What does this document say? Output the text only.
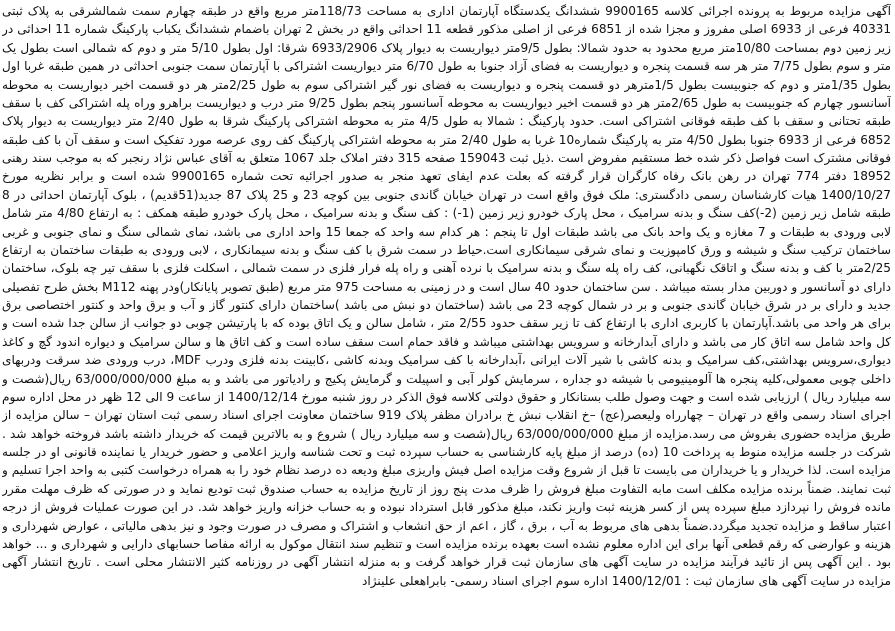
آگهی مزایده مربوط به پرونده اجرائی کلاسه 9900165 ششدانگ یکدستگاه آپارتمان اداری به مساحت 118/73متر مربع واقع در طبقه چهارم سمت شمالشرقی به پلاک ثبتی 40331 فرعی از 6933 اصلی مفروز و مجزا شده از 6851 فرعی از اصلی مذکور قطعه 11 احداثی واقع در بخش 2 تهران باضمام ششدانگ یکباب پارکینگ شماره 11 احداثی در زیر زمین دوم بمساحت 10/80متر مربع محدود به حدود شمالا: بطول 9/5متر دیواریست به دیوار پلاک 6933/2906 شرقا: اول بطول 5/10 متر و دوم که شمالی است بطول یک متر و سوم بطول 7/75 متر هر سه قسمت پنجره و دیواریست به فضای آزاد جنوبا به طول 6/70 متر دیواریست اشتراکی با آپارتمان سمت جنوبی احداثی در همین طبقه غربا اول بطول 1/35متر و دوم که جنوبیست بطول 1/5مترهر دو قسمت پنجره و دیواریست به فضای نور گیر اشتراکی سوم به طول 2/25متر هر دو قسمت اخیر دیواریست به محوطه آسانسور چهارم که جنوبیست به طول 2/65متر هر دو قسمت اخیر دیواریست به محوطه آسانسور پنجم بطول 9/25 متر درب و دیواریست براهرو وراه پله اشتراکی کف با سقف طبقه تحتانی و سقف با کف طبقه فوقانی اشتراکی است. حدود پارکینگ : شمالا به طول 4/5 متر به محوطه اشتراکی پارکینگ شرقا به طول 2/40 متر دیواریست به دیوار پلاک 6852 فرعی از 6933 جنوبا بطول 4/50 متر به پارکینگ شماره10 غربا به طول 2/40 متر به محوطه اشتراکی پارکینگ کف روی عرصه مورد تفکیک است و سقف آن با کف طبقه فوقانی مشترک است فواصل ذکر شده خط مستقیم مفروض است .ذیل ثبت 159043 صفحه 315 دفتر املاک جلد 1067 متعلق به آقای عباس نژاد رنجبر که به موجب سند رهنی 18952 دفتر 774 تهران در رهن بانک رفاه کارگران قرار گرفته که بعلت عدم ایفای تعهد منجر به صدور اجرائیه تحت شماره 9900165 شده است و برابر نظریه مورخ 1400/10/27 هیات کارشناسان رسمی دادگستری: ملک فوق واقع است در تهران خیابان گاندی جنوبی بین کوچه 23 و 25 پلاک 87 جدید(51قدیم) ، بلوک آپارتمان احداثی در 8 طبقه شامل زیر زمین (2-)کف سنگ و بدنه سرامیک ، محل پارک خودرو زیر زمین (1-) : کف سنگ و بدنه سرامیک ، محل پارک خودرو طبقه همکف : به ارتفاع 4/80 متر شامل لابی ورودی به طبقات و 7 مغازه و یک واحد بانک می باشد طبقات اول تا پنجم : هر کدام سه واحد که جمعا 15 واحد اداری می باشد، نمای شمالی سنگ و نمای جنوبی و غربی ساختمان ترکیب سنگ و شیشه و ورق کامپوزیت و نمای شرقی سیمانکاری است.حیاط در سمت شرق با کف سنگ و بدنه سیمانکاری ، لابی ورودی به طبقات ساختمان به ارتفاع 2/25متر با کف و بدنه سنگ و اتاقک نگهبانی، کف راه پله سنگ و بدنه سرامیک با نرده آهنی و راه پله فرار فلزی در سمت شمالی ، اسکلت فلزی با سقف تیر چه بلوک، ساختمان دارای دو آسانسور و دوربین مدار بسته میباشد . سن ساختمان حدود 40 سال است و در زمینی به مساحت 975 متر مربع (طبق تصویر پایانکار)ودر پهنه M112 بخش طرح تفصیلی جدید و دارای بر در شرق خیابان گاندی جنوبی و بر در شمال کوچه 23 می باشد (ساختمان دو نبش می باشد )ساختمان دارای کنتور گاز و آب و برق واحد و کنتور اختصاصی برق برای هر واحد می باشد.آپارتمان با کاربری اداری با ارتفاع کف تا زیر سقف حدود 2/55 متر ، شامل سالن و یک اتاق بوده که با پارتیشن چوبی دو جوانب از سالن جدا شده است و کل واحد شامل سه اتاق کار می باشد و دارای آبدارخانه و سرویس بهداشتی میباشد و فاقد حمام است سقف ساده است و کف اتاق ها و سالن سرامیک و دیواره اندود گچ و کاغذ دیواری،سرویس بهداشتی،کف سرامیک و بدنه کاشی با شیر آلات ایرانی ،آبدارخانه با کف سرامیک وبدنه کاشی ،کابینت بدنه فلزی ودرب MDF، درب ورودی ضد سرقت ودربهای داخلی چوبی معمولی،کلیه پنجره ها آلومینیومی با شیشه دو جداره ، سرمایش کولر آبی و اسپیلت و گرمایش پکیج و رادیاتور می باشد و به مبلغ 63/000/000/000 ریال(شصت و سه میلیارد ریال ) ارزیابی شده است و جهت وصول طلب بستانکار و حقوق دولتی کلاسه فوق الذکر در روز شنبه مورخ 1400/12/14 از ساعت 9 الی 12 ظهر در محل اداره سوم اجرای اسناد رسمی واقع در تهران – چهارراه ولیعصر(عج) –خ انقلاب نبش خ برادران مظفر پلاک 919 ساختمان معاونت اجرای اسناد رسمی ثبت استان تهران – سالن مزایده از طریق مزایده حضوری بفروش می رسد.مزایده از مبلغ 63/000/000/000 ریال(شصت و سه میلیارد ریال ) شروع و به بالاترین قیمت که خریدار داشته باشد فروخته خواهد شد . شرکت در جلسه مزایده منوط به پرداخت 10 (ده) درصد از مبلغ پایه کارشناسی به حساب سپرده ثبت و تحت شناسه واریز اعلامی و حضور خریدار یا نماینده قانونی او در جلسه مزایده است. لذا خریدار و یا خریداران می بایست تا قبل از شروع وقت مزایده اصل فیش واریزی مبلغ ودیعه ده درصد نظام خود را به همراه درخواست کتبی به واحد اجرا تسلیم و ثبت نمایند. ضمناً برنده مزایده مکلف است مابه التفاوت مبلغ فروش را ظرف مدت پنج روز از تاریخ مزایده به حساب صندوق ثبت تودیع نماید و در صورتی که ظرف مهلت مقرر مانده فروش را نپردازد مبلغ سپرده پس از کسر هزینه ثبت واریز نکند، مبلغ مذکور قابل استرداد نبوده و به حساب خزانه واریز خواهد شد. در این صورت عملیات فروش از درجه اعتبار ساقط و مزایده تجدید میگردد.ضمناً بدهی های مربوط به آب ، برق ، گاز ، اعم از حق انشعاب و اشتراک و مصرف در صورت وجود و نیز بدهی مالیاتی ، عوارض شهرداری و هزینه و عوارضی که رقم قطعی آنها برای این اداره معلوم نشده است بعهده برنده مزایده است و تنظیم سند انتقال موکول به ارائه مفاصا حسابهای دارایی و شهرداری و ... خواهد بود . این آگهی پس از تائید فرآیند مزایده در سایت آگهی های سازمان ثبت قرار خواهد گرفت و به منزله انتشار آگهی در روزنامه کثیر الانتشار محلی است . تاریخ انتشار آگهی مزایده در سایت آگهی های سازمان ثبت : 1400/12/01 اداره سوم اجرای اسناد رسمی- بابراهعلی علینژاد
